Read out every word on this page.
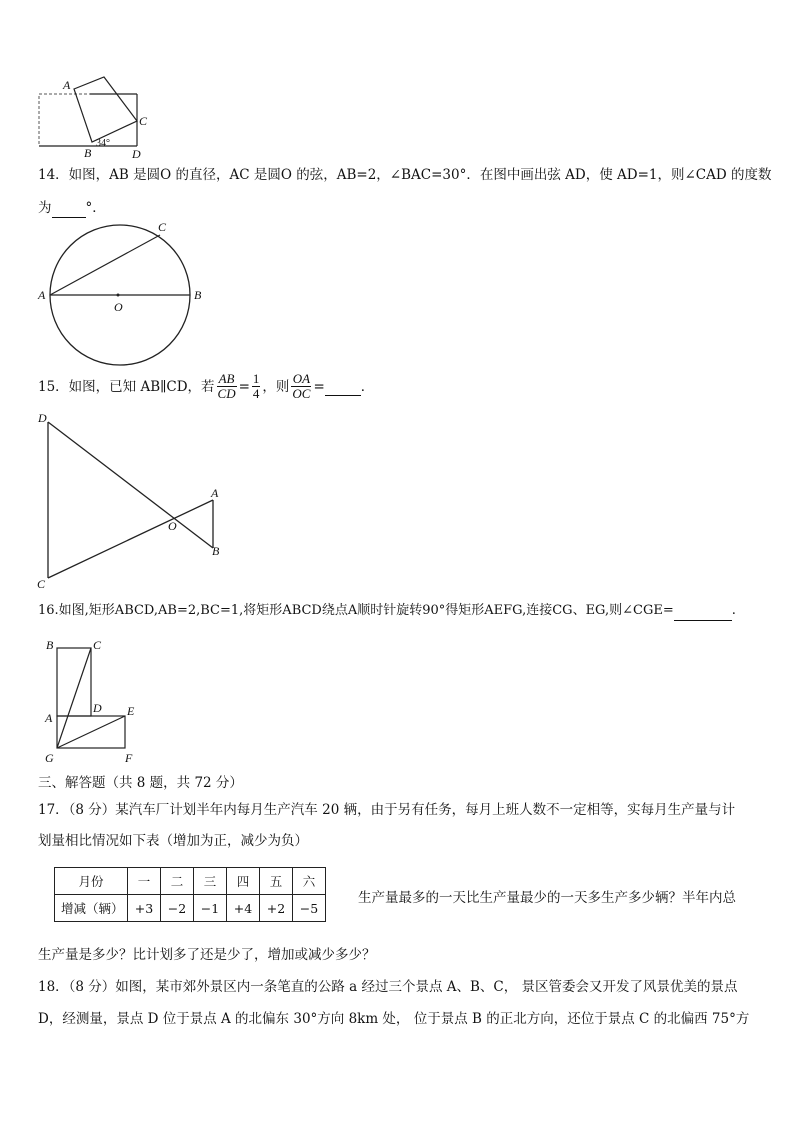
A
C
B	D
34°
14．如图，AB 是圆O 的直径，AC 是圆O 的弦，AB=2，∠BAC=30°．在图中画出弦 AD，使 AD=1，则∠CAD 的度数
为	°．
A	B
C
O
15．如图，已知 AB∥CD，若 $\frac{AB}{CD} = \frac{1}{4}$ ，则 $\frac{OA}{OC}$ =	．
D
A
O
B
C
16.如图,矩形ABCD,AB=2,BC=1,将矩形ABCD绕点A顺时针旋转90°得矩形AEFG,连接CG、EG,则∠CGE=	.
B	C
A
D E
G	F
三、解答题（共 8 题，共 72 分）
17．（8 分）某汽车厂计划半年内每月生产汽车 20 辆，由于另有任务，每月上班人数不一定相等，实每月生产量与计
划量相比情况如下表（增加为正，减少为负）
月份	一	二	三	四	五	六
增减（辆）	+3	−2	−1	+4	+2	−5
生产量最多的一天比生产量最少的一天多生产多少辆？半年内总
生产量是多少？比计划多了还是少了，增加或减少多少？
18．（8 分）如图，某市郊外景区内一条笔直的公路 a 经过三个景点 A、B、C， 景区管委会又开发了风景优美的景点
D，经测量，景点 D 位于景点 A 的北偏东 30°方向 8km 处， 位于景点 B 的正北方向，还位于景点 C 的北偏西 75°方
